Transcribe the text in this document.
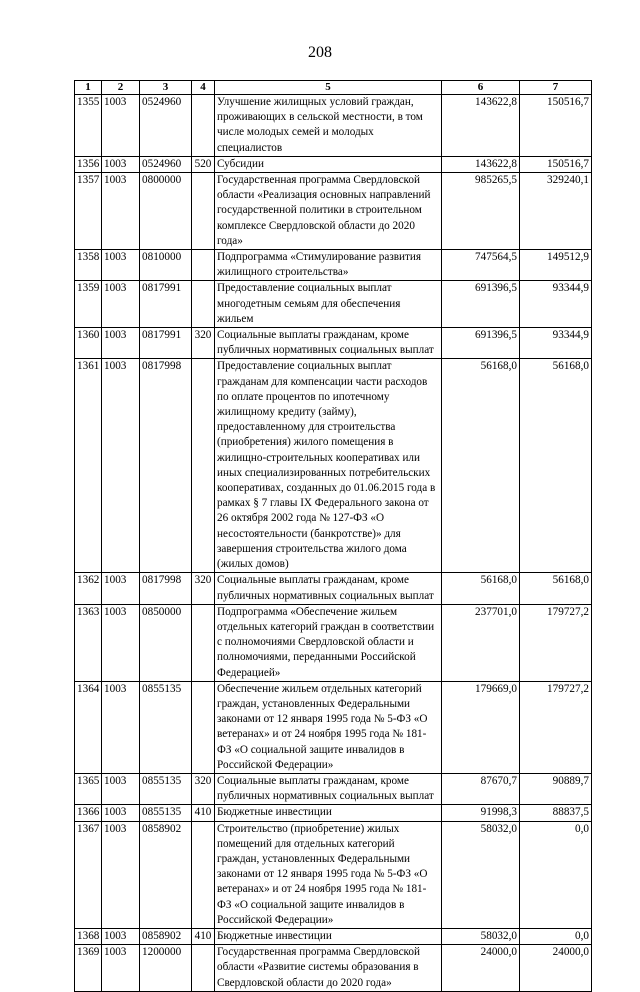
208
1	2	3	4	5	6	7
1355	1003	0524960		Улучшение жилищных условий граждан, проживающих в сельской местности, в том числе молодых семей и молодых специалистов	143622,8	150516,7
1356	1003	0524960	520	Субсидии	143622,8	150516,7
1357	1003	0800000		Государственная программа Свердловской области «Реализация основных направлений государственной политики в строительном комплексе Свердловской области до 2020 года»	985265,5	329240,1
1358	1003	0810000		Подпрограмма «Стимулирование развития жилищного строительства»	747564,5	149512,9
1359	1003	0817991		Предоставление социальных выплат многодетным семьям для обеспечения жильем	691396,5	93344,9
1360	1003	0817991	320	Социальные выплаты гражданам, кроме публичных нормативных социальных выплат	691396,5	93344,9
1361	1003	0817998		Предоставление социальных выплат гражданам для компенсации части расходов по оплате процентов по ипотечному жилищному кредиту (займу), предоставленному для строительства (приобретения) жилого помещения в жилищно-строительных кооперативах или иных специализированных потребительских кооперативах, созданных до 01.06.2015 года в рамках § 7 главы IX Федерального закона от 26 октября 2002 года № 127-ФЗ «О несостоятельности (банкротстве)» для завершения строительства жилого дома (жилых домов)	56168,0	56168,0
1362	1003	0817998	320	Социальные выплаты гражданам, кроме публичных нормативных социальных выплат	56168,0	56168,0
1363	1003	0850000		Подпрограмма «Обеспечение жильем отдельных категорий граждан в соответствии с полномочиями Свердловской области и полномочиями, переданными Российской Федерацией»	237701,0	179727,2
1364	1003	0855135		Обеспечение жильем отдельных категорий граждан, установленных Федеральными законами от 12 января 1995 года № 5-ФЗ «О ветеранах» и от 24 ноября 1995 года № 181-ФЗ «О социальной защите инвалидов в Российской Федерации»	179669,0	179727,2
1365	1003	0855135	320	Социальные выплаты гражданам, кроме публичных нормативных социальных выплат	87670,7	90889,7
1366	1003	0855135	410	Бюджетные инвестиции	91998,3	88837,5
1367	1003	0858902		Строительство (приобретение) жилых помещений для отдельных категорий граждан, установленных Федеральными законами от 12 января 1995 года № 5-ФЗ «О ветеранах» и от 24 ноября 1995 года № 181-ФЗ «О социальной защите инвалидов в Российской Федерации»	58032,0	0,0
1368	1003	0858902	410	Бюджетные инвестиции	58032,0	0,0
1369	1003	1200000		Государственная программа Свердловской области «Развитие системы образования в Свердловской области до 2020 года»	24000,0	24000,0
